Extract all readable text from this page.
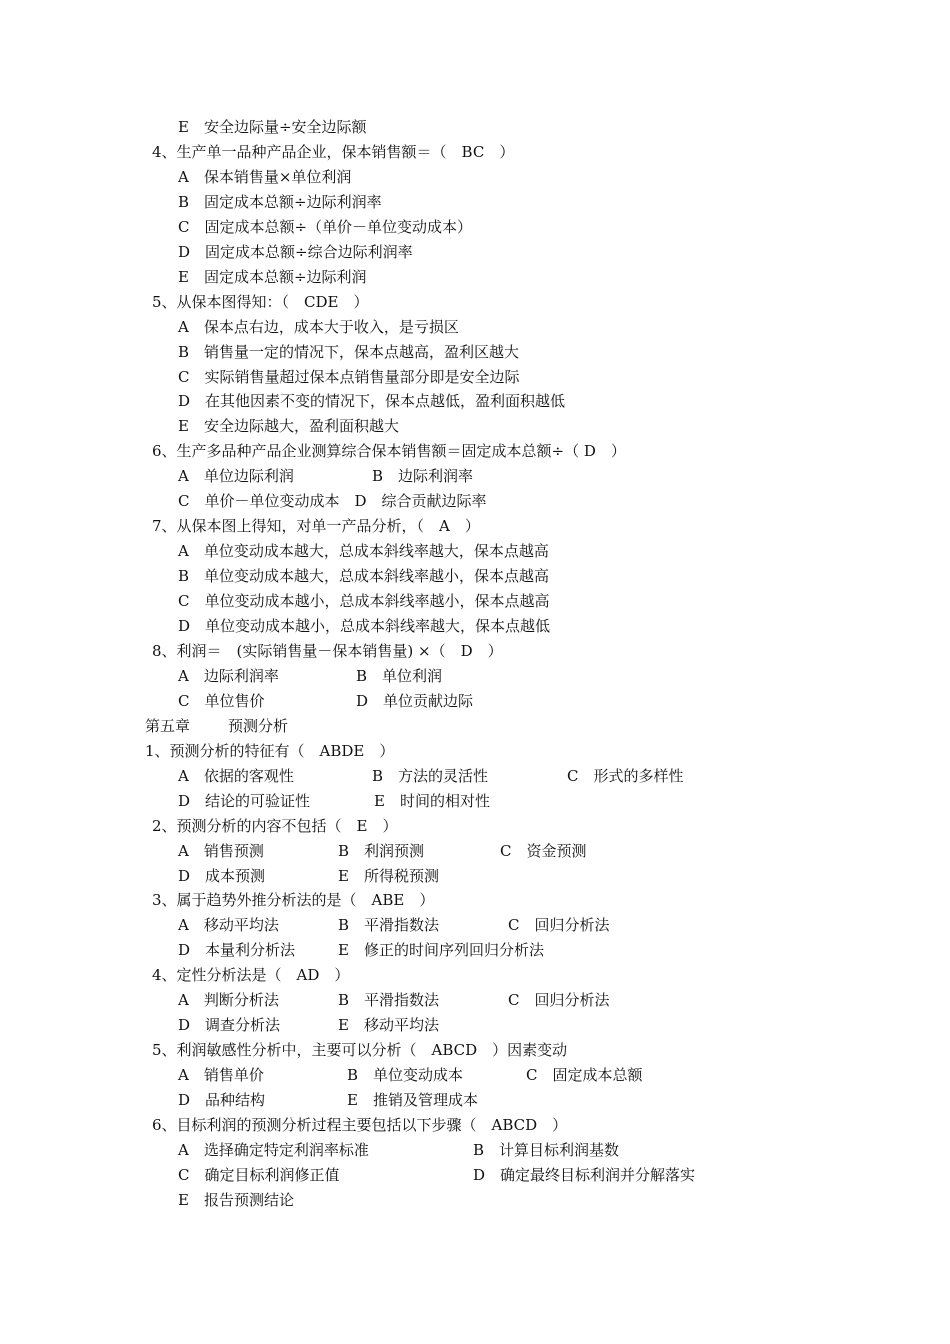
E　安全边际量÷安全边际额
4、生产单一品种产品企业，保本销售额＝（　BC　）
A　保本销售量×单位利润
B　固定成本总额÷边际利润率
C　固定成本总额÷（单价－单位变动成本）
D　固定成本总额÷综合边际利润率
E　固定成本总额÷边际利润
5、从保本图得知：（　CDE　）
A　保本点右边，成本大于收入，是亏损区
B　销售量一定的情况下，保本点越高，盈利区越大
C　实际销售量超过保本点销售量部分即是安全边际
D　在其他因素不变的情况下，保本点越低，盈利面积越低
E　安全边际越大，盈利面积越大
6、生产多品种产品企业测算综合保本销售额＝固定成本总额÷（ D　）
A　单位边际利润	B　边际利润率
C　单价－单位变动成本　D　综合贡献边际率
7、从保本图上得知，对单一产品分析，（　A　）
A　单位变动成本越大，总成本斜线率越大，保本点越高
B　单位变动成本越大，总成本斜线率越小，保本点越高
C　单位变动成本越小，总成本斜线率越小，保本点越高
D　单位变动成本越小，总成本斜线率越大，保本点越低
8、利润＝　(实际销售量－保本销售量) ×（　D　）
A　边际利润率	B　单位利润
C　单位售价	D　单位贡献边际
第五章	预测分析
1、预测分析的特征有（　ABDE　）
A　依据的客观性	B　方法的灵活性	C　形式的多样性
D　结论的可验证性	E　时间的相对性
2、预测分析的内容不包括（　E　）
A　销售预测	B　利润预测	C　资金预测
D　成本预测	E　所得税预测
3、属于趋势外推分析法的是（　ABE　）
A　移动平均法	B　平滑指数法	C　回归分析法
D　本量利分析法	E　修正的时间序列回归分析法
4、定性分析法是（　AD　）
A　判断分析法	B　平滑指数法	C　回归分析法
D　调查分析法	E　移动平均法
5、利润敏感性分析中，主要可以分析（　ABCD　）因素变动
A　销售单价	B　单位变动成本	C　固定成本总额
D　品种结构	E　推销及管理成本
6、目标利润的预测分析过程主要包括以下步骤（　ABCD　）
A　选择确定特定利润率标准	B　计算目标利润基数
C　确定目标利润修正值	D　确定最终目标利润并分解落实
E　报告预测结论
